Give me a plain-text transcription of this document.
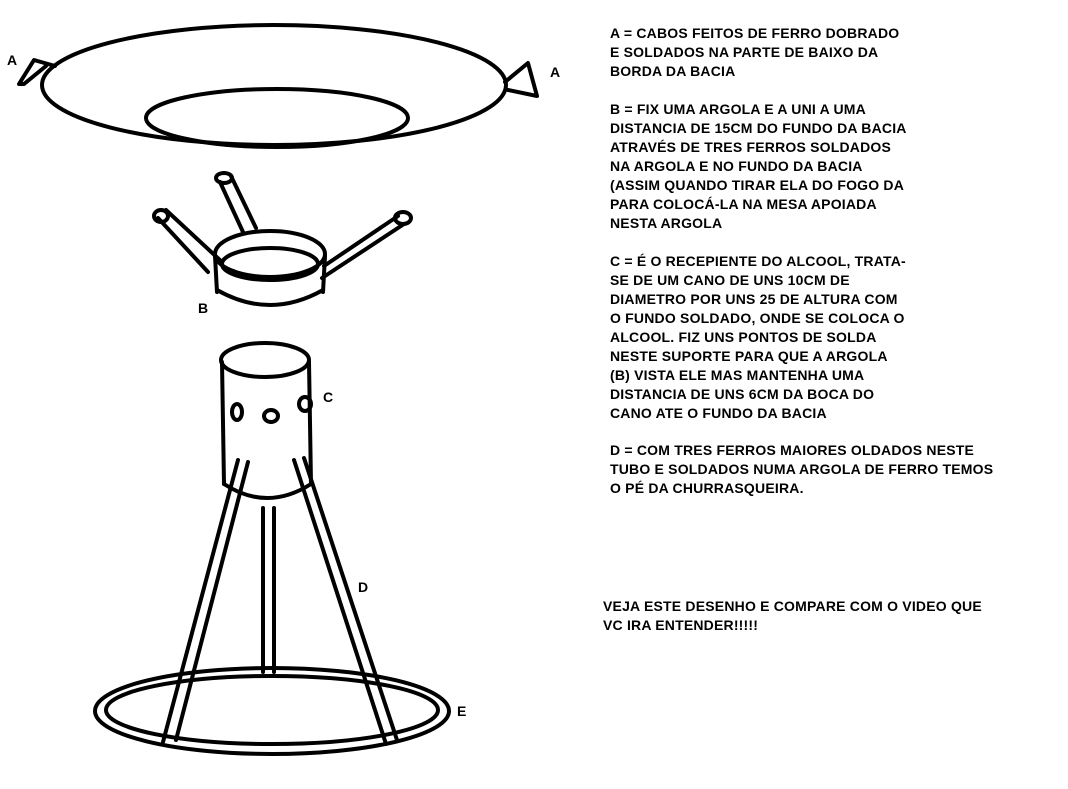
A
A
B
C
D
E
A = CABOS FEITOS DE FERRO DOBRADO
E SOLDADOS NA PARTE DE BAIXO DA
BORDA DA BACIA
B = FIX UMA ARGOLA E A UNI A UMA
DISTANCIA DE 15CM DO FUNDO DA BACIA
ATRAVÉS DE TRES FERROS SOLDADOS
NA ARGOLA E NO FUNDO DA BACIA
(ASSIM QUANDO TIRAR ELA DO FOGO DA
PARA COLOCÁ-LA NA MESA APOIADA
NESTA ARGOLA
C = É O RECEPIENTE DO ALCOOL, TRATA-
SE DE UM CANO DE UNS 10CM DE
DIAMETRO POR UNS 25 DE ALTURA COM
O FUNDO SOLDADO, ONDE SE COLOCA O
ALCOOL. FIZ UNS PONTOS DE SOLDA
NESTE SUPORTE PARA QUE A ARGOLA
(B) VISTA ELE MAS MANTENHA UMA
DISTANCIA DE UNS 6CM DA BOCA DO
CANO ATE O FUNDO DA BACIA
D = COM TRES FERROS MAIORES OLDADOS NESTE
TUBO E SOLDADOS NUMA ARGOLA DE FERRO TEMOS
O PÉ DA CHURRASQUEIRA.
VEJA ESTE DESENHO E COMPARE COM O VIDEO QUE
VC IRA ENTENDER!!!!!
